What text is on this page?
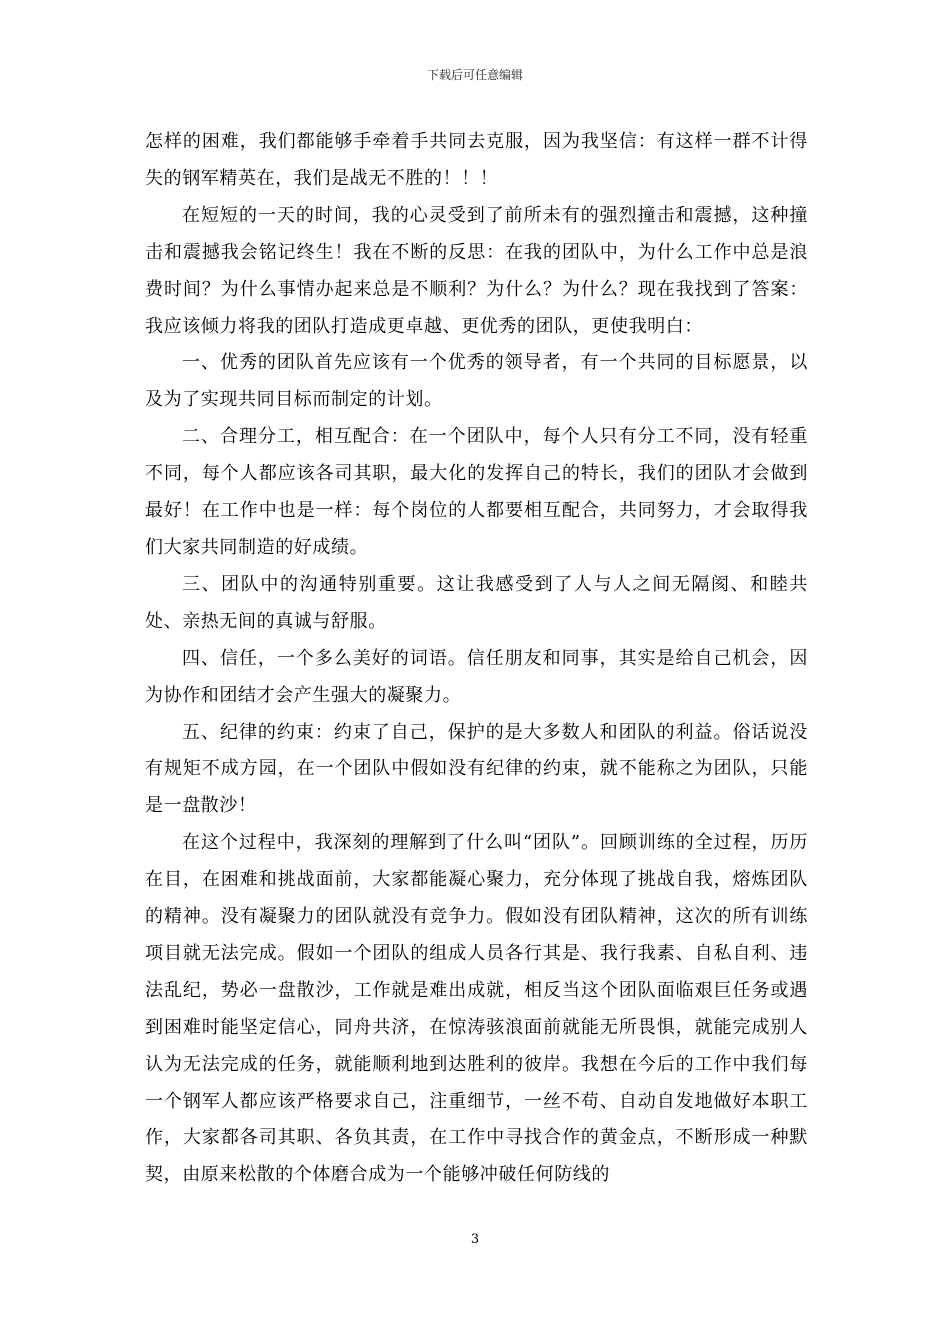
下载后可任意编辑

怎样的困难，我们都能够手牵着手共同去克服，因为我坚信：有这样一群不计得失的钢军精英在，我们是战无不胜的！！！

在短短的一天的时间，我的心灵受到了前所未有的强烈撞击和震撼，这种撞击和震撼我会铭记终生！我在不断的反思：在我的团队中，为什么工作中总是浪费时间？为什么事情办起来总是不顺利？为什么？为什么？现在我找到了答案：我应该倾力将我的团队打造成更卓越、更优秀的团队，更使我明白：

一、优秀的团队首先应该有一个优秀的领导者，有一个共同的目标愿景，以及为了实现共同目标而制定的计划。

二、合理分工，相互配合：在一个团队中，每个人只有分工不同，没有轻重不同，每个人都应该各司其职，最大化的发挥自己的特长，我们的团队才会做到最好！在工作中也是一样：每个岗位的人都要相互配合，共同努力，才会取得我们大家共同制造的好成绩。

三、团队中的沟通特别重要。这让我感受到了人与人之间无隔阂、和睦共处、亲热无间的真诚与舒服。

四、信任，一个多么美好的词语。信任朋友和同事，其实是给自己机会，因为协作和团结才会产生强大的凝聚力。

五、纪律的约束：约束了自己，保护的是大多数人和团队的利益。俗话说没有规矩不成方园，在一个团队中假如没有纪律的约束，就不能称之为团队，只能是一盘散沙！

在这个过程中，我深刻的理解到了什么叫“团队”。回顾训练的全过程，历历在目，在困难和挑战面前，大家都能凝心聚力，充分体现了挑战自我，熔炼团队的精神。没有凝聚力的团队就没有竞争力。假如没有团队精神，这次的所有训练项目就无法完成。假如一个团队的组成人员各行其是、我行我素、自私自利、违法乱纪，势必一盘散沙，工作就是难出成就，相反当这个团队面临艰巨任务或遇到困难时能坚定信心，同舟共济，在惊涛骇浪面前就能无所畏惧，就能完成别人认为无法完成的任务，就能顺利地到达胜利的彼岸。我想在今后的工作中我们每一个钢军人都应该严格要求自己，注重细节，一丝不苟、自动自发地做好本职工作，大家都各司其职、各负其责，在工作中寻找合作的黄金点，不断形成一种默契，由原来松散的个体磨合成为一个能够冲破任何防线的

3
